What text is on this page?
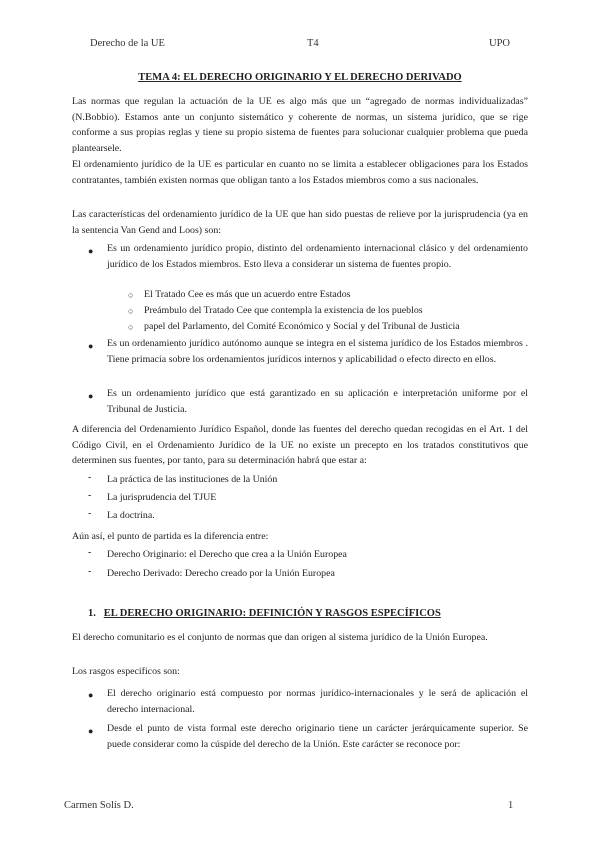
Derecho de la UE	T4	UPO
TEMA 4: EL DERECHO ORIGINARIO Y EL DERECHO DERIVADO

Las normas que regulan la actuación de la UE es algo más que un “agregado de normas individualizadas” (N.Bobbio). Estamos ante un conjunto sistemático y coherente de normas, un sistema jurídico, que se rige conforme a sus propias reglas y tiene su propio sistema de fuentes para solucionar cualquier problema que pueda plantearsele.

El ordenamiento jurídico de la UE es particular en cuanto no se limita a establecer obligaciones para los Estados contratantes, también existen normas que obligan tanto a los Estados miembros como a sus nacionales.

Las características del ordenamiento jurídico de la UE que han sido puestas de relieve por la jurisprudencia (ya en la sentencia Van Gend and Loos) son:

● Es un ordenamiento jurídico propio, distinto del ordenamiento internacional clásico y del ordenamiento jurídico de los Estados miembros. Esto lleva a considerar un sistema de fuentes propio.

○ El Tratado Cee es más que un acuerdo entre Estados
○ Preámbulo del Tratado Cee que contempla la existencia de los pueblos
○ papel del Parlamento, del Comité Económico y Social y del Tribunal de Justicia
● Es un ordenamiento jurídico autónomo aunque se integra en el sistema jurídico de los Estados miembros . Tiene primacía sobre los ordenamientos jurídicos internos y aplicabilidad o efecto directo en ellos.

● Es un ordenamiento jurídico que está garantizado en su aplicación e interpretación uniforme por el Tribunal de Justicia.

A diferencia del Ordenamiento Jurídico Español, donde las fuentes del derecho quedan recogidas en el Art. 1 del Código Civil, en el Ordenamiento Jurídico de la UE no existe un precepto en los tratados constitutivos que determinen sus fuentes, por tanto, para su determinación habrá que estar a:

- La práctica de las instituciones de la Unión
- La jurisprudencia del TJUE
- La doctrina.

Aún así, el punto de partida es la diferencia entre:

- Derecho Originario: el Derecho que crea a la Unión Europea
- Derecho Derivado: Derecho creado por la Unión Europea
1. EL DERECHO ORIGINARIO: DEFINICIÓN Y RASGOS ESPECÍFICOS

El derecho comunitario es el conjunto de normas que dan origen al sistema jurídico de la Unión Europea.

Los rasgos específicos son:

● El derecho originario está compuesto por normas jurídico-internacionales y le será de aplicación el derecho internacional.

● Desde el punto de vista formal este derecho originario tiene un carácter jerárquicamente superior. Se puede considerar como la cúspide del derecho de la Unión. Este carácter se reconoce por:

Carmen Solís D.	1
